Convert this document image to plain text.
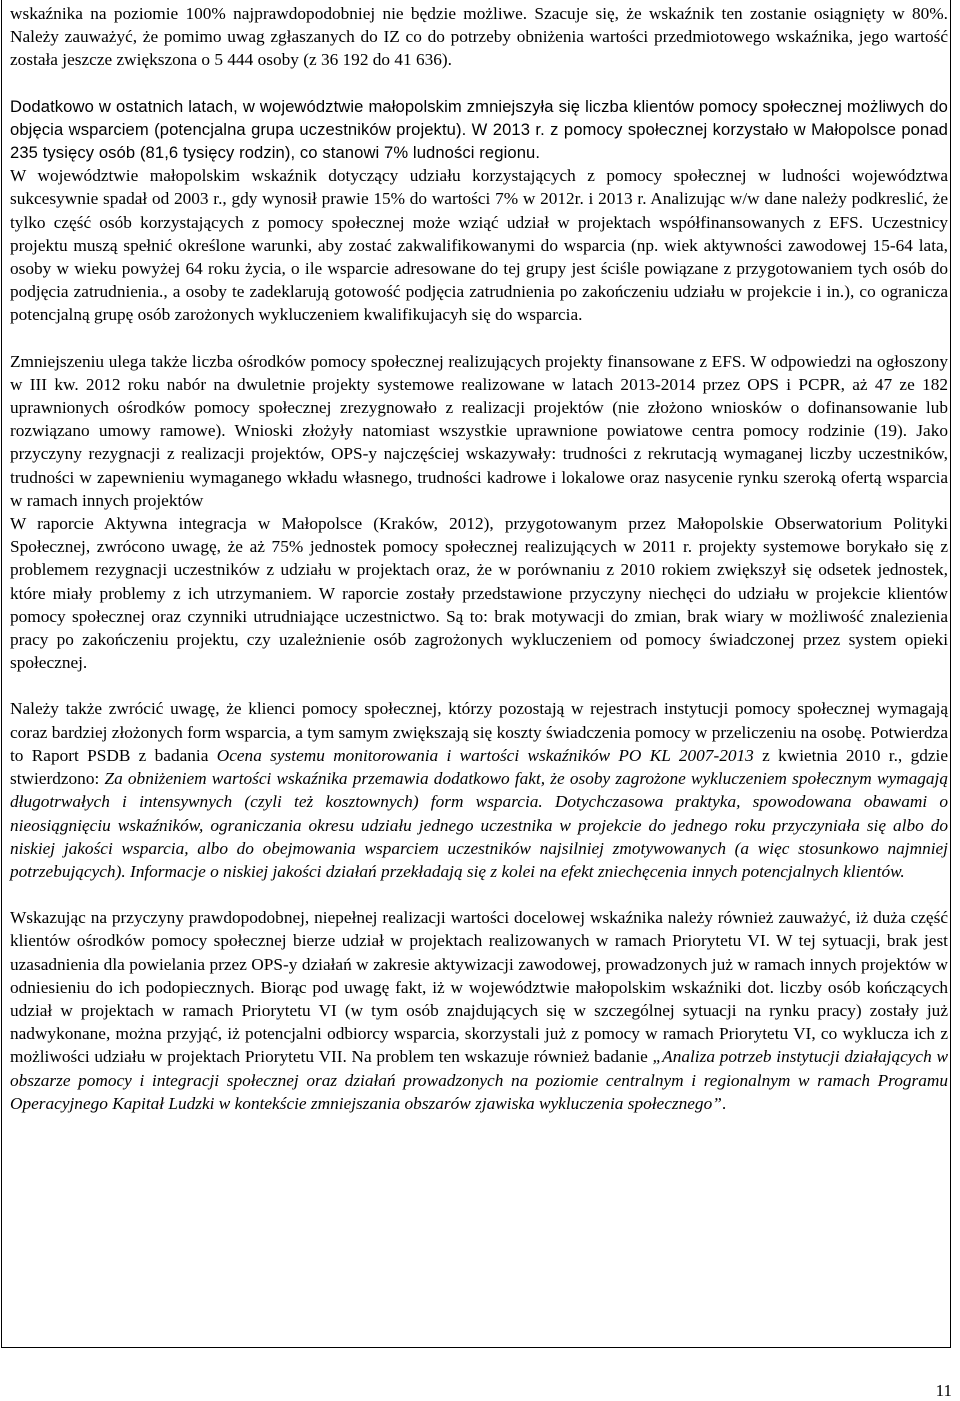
wskaźnika na poziomie 100% najprawdopodobniej nie będzie możliwe. Szacuje się, że wskaźnik ten zostanie osiągnięty w 80%. Należy zauważyć, że pomimo uwag zgłaszanych do IZ co do potrzeby obniżenia wartości przedmiotowego wskaźnika, jego wartość została jeszcze zwiększona o 5 444 osoby (z 36 192 do 41 636).

Dodatkowo w ostatnich latach, w województwie małopolskim zmniejszyła się liczba klientów pomocy społecznej możliwych do objęcia wsparciem (potencjalna grupa uczestników projektu). W 2013 r. z pomocy społecznej korzystało w Małopolsce ponad 235 tysięcy osób (81,6 tysięcy rodzin), co stanowi 7% ludności regionu.

W województwie małopolskim wskaźnik dotyczący udziału korzystających z pomocy społecznej w ludności województwa sukcesywnie spadał od 2003 r., gdy wynosił prawie 15% do wartości 7% w 2012r. i 2013 r. Analizując w/w dane należy podkreslić, że tylko część osób korzystających z pomocy społecznej może wziąć udział w projektach współfinansowanych z EFS. Uczestnicy projektu muszą spełnić określone warunki, aby zostać zakwalifikowanymi do wsparcia (np. wiek aktywności zawodowej 15-64 lata, osoby w wieku powyżej 64 roku życia, o ile wsparcie adresowane do tej grupy jest ściśle powiązane z przygotowaniem tych osób do podjęcia zatrudnienia., a osoby te zadeklarują gotowość podjęcia zatrudnienia po zakończeniu udziału w projekcie i in.), co ogranicza potencjalną grupę osób zarożonych wykluczeniem kwalifikujacyh się do wsparcia.

Zmniejszeniu ulega także liczba ośrodków pomocy społecznej realizujących projekty finansowane z EFS. W odpowiedzi na ogłoszony w III kw. 2012 roku nabór na dwuletnie projekty systemowe realizowane w latach 2013-2014 przez OPS i PCPR, aż 47 ze 182 uprawnionych ośrodków pomocy społecznej zrezygnowało z realizacji projektów (nie złożono wniosków o dofinansowanie lub rozwiązano umowy ramowe). Wnioski złożyły natomiast wszystkie uprawnione powiatowe centra pomocy rodzinie (19). Jako przyczyny rezygnacji z realizacji projektów, OPS-y najczęściej wskazywały: trudności z rekrutacją wymaganej liczby uczestników, trudności w zapewnieniu wymaganego wkładu własnego, trudności kadrowe i lokalowe oraz nasycenie rynku szeroką ofertą wsparcia w ramach innych projektów

W raporcie Aktywna integracja w Małopolsce (Kraków, 2012), przygotowanym przez Małopolskie Obserwatorium Polityki Społecznej, zwrócono uwagę, że aż 75% jednostek pomocy społecznej realizujących w 2011 r. projekty systemowe borykało się z problemem rezygnacji uczestników z udziału w projektach oraz, że w porównaniu z 2010 rokiem zwiększył się odsetek jednostek, które miały problemy z ich utrzymaniem. W raporcie zostały przedstawione przyczyny niechęci do udziału w projekcie klientów pomocy społecznej oraz czynniki utrudniające uczestnictwo. Są to: brak motywacji do zmian, brak wiary w możliwość znalezienia pracy po zakończeniu projektu, czy uzależnienie osób zagrożonych wykluczeniem od pomocy świadczonej przez system opieki społecznej.

Należy także zwrócić uwagę, że klienci pomocy społecznej, którzy pozostają w rejestrach instytucji pomocy społecznej wymagają coraz bardziej złożonych form wsparcia, a tym samym zwiększają się koszty świadczenia pomocy w przeliczeniu na osobę. Potwierdza to Raport PSDB z badania Ocena systemu monitorowania i wartości wskaźników PO KL 2007-2013 z kwietnia 2010 r., gdzie stwierdzono: Za obniżeniem wartości wskaźnika przemawia dodatkowo fakt, że osoby zagrożone wykluczeniem społecznym wymagają długotrwałych i intensywnych (czyli też kosztownych) form wsparcia. Dotychczasowa praktyka, spowodowana obawami o nieosiągnięciu wskaźników, ograniczania okresu udziału jednego uczestnika w projekcie do jednego roku przyczyniała się albo do niskiej jakości wsparcia, albo do obejmowania wsparciem uczestników najsilniej zmotywowanych (a więc stosunkowo najmniej potrzebujących). Informacje o niskiej jakości działań przekładają się z kolei na efekt zniechęcenia innych potencjalnych klientów.

Wskazując na przyczyny prawdopodobnej, niepełnej realizacji wartości docelowej wskaźnika należy również zauważyć, iż duża część klientów ośrodków pomocy społecznej bierze udział w projektach realizowanych w ramach Priorytetu VI. W tej sytuacji, brak jest uzasadnienia dla powielania przez OPS-y działań w zakresie aktywizacji zawodowej, prowadzonych już w ramach innych projektów w odniesieniu do ich podopiecznych. Biorąc pod uwagę fakt, iż w województwie małopolskim wskaźniki dot. liczby osób kończących udział w projektach w ramach Priorytetu VI (w tym osób znajdujących się w szczególnej sytuacji na rynku pracy) zostały już nadwykonane, można przyjąć, iż potencjalni odbiorcy wsparcia, skorzystali już z pomocy w ramach Priorytetu VI, co wyklucza ich z możliwości udziału w projektach Priorytetu VII. Na problem ten wskazuje również badanie „Analiza potrzeb instytucji działających w obszarze pomocy i integracji społecznej oraz działań prowadzonych na poziomie centralnym i regionalnym w ramach Programu Operacyjnego Kapitał Ludzki w kontekście zmniejszania obszarów zjawiska wykluczenia społecznego”.

11
